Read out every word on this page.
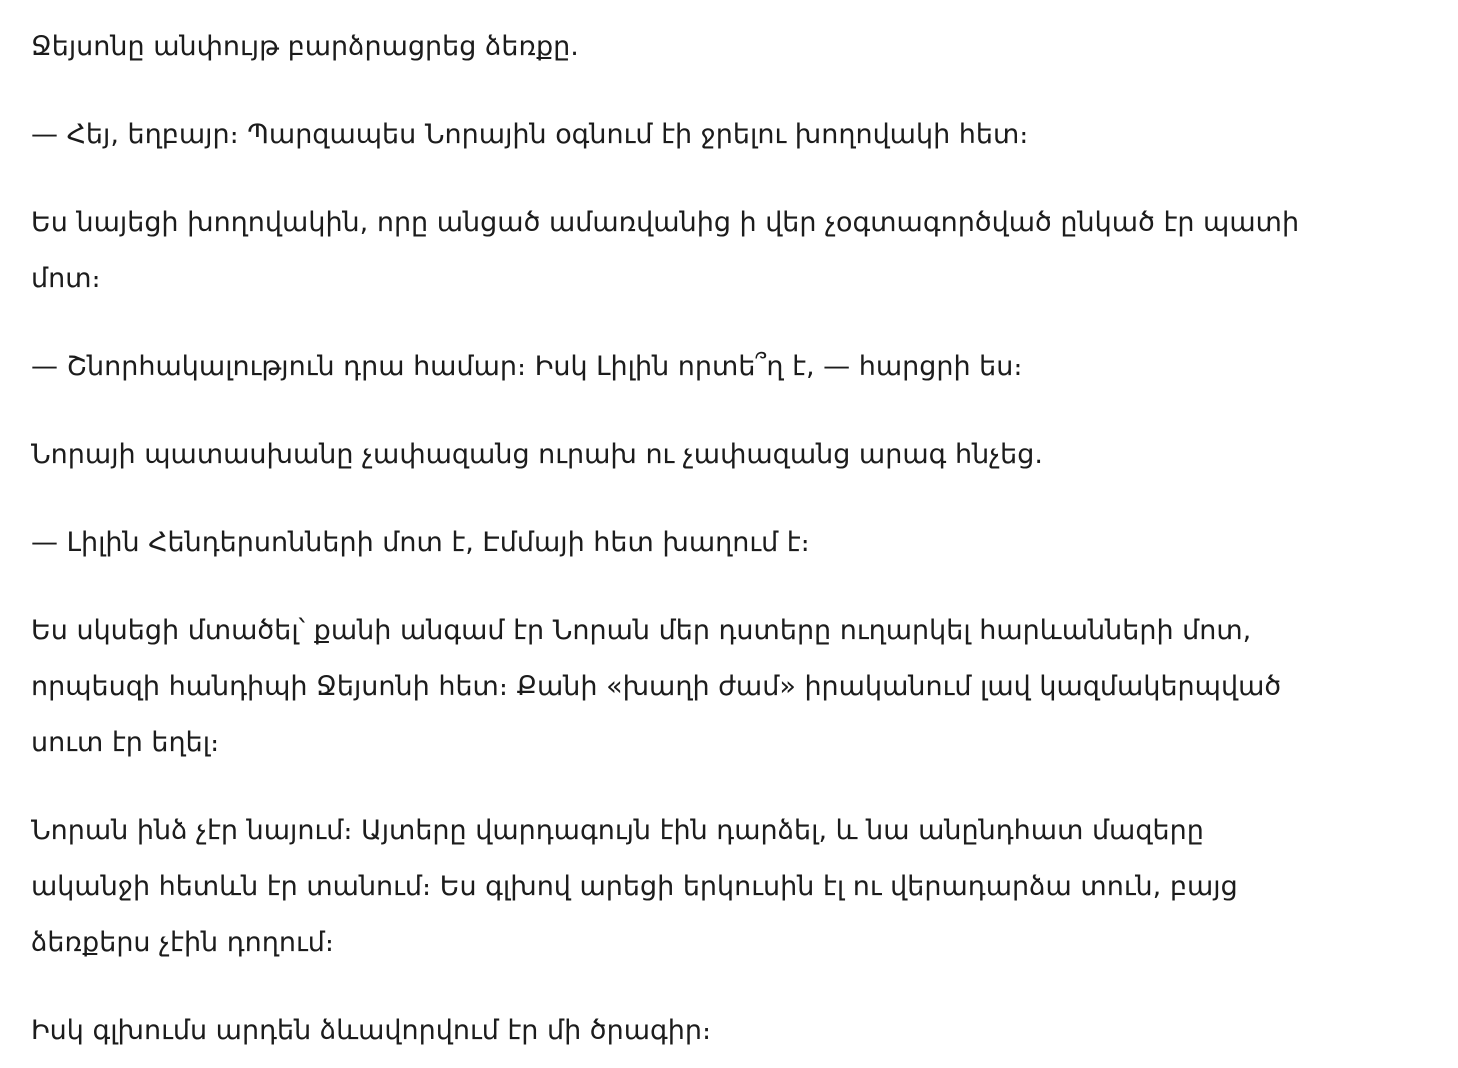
Ջեյսոնը անփույթ բարձրացրեց ձեռքը.

— Հեյ, եղբայր։ Պարզապես Նորային օգնում էի ջրելու խողովակի հետ։

Ես նայեցի խողովակին, որը անցած ամառվանից ի վեր չօգտագործված ընկած էր պատի մոտ։

— Շնորհակալություն դրա համար։ Իսկ Լիլին որտե՞ղ է, — հարցրի ես։

Նորայի պատասխանը չափազանց ուրախ ու չափազանց արագ հնչեց.

— Լիլին Հենդերսոնների մոտ է, Էմմայի հետ խաղում է։

Ես սկսեցի մտածել՝ քանի անգամ էր Նորան մեր դստերը ուղարկել հարևանների մոտ, որպեսզի հանդիպի Ջեյսոնի հետ։ Քանի «խաղի ժամ» իրականում լավ կազմակերպված սուտ էր եղել։

Նորան ինձ չէր նայում։ Այտերը վարդագույն էին դարձել, և նա անընդհատ մազերը ականջի հետևն էր տանում։ Ես գլխով արեցի երկուսին էլ ու վերադարձա տուն, բայց ձեռքերս չէին դողում։

Իսկ գլխումս արդեն ձևավորվում էր մի ծրագիր։
